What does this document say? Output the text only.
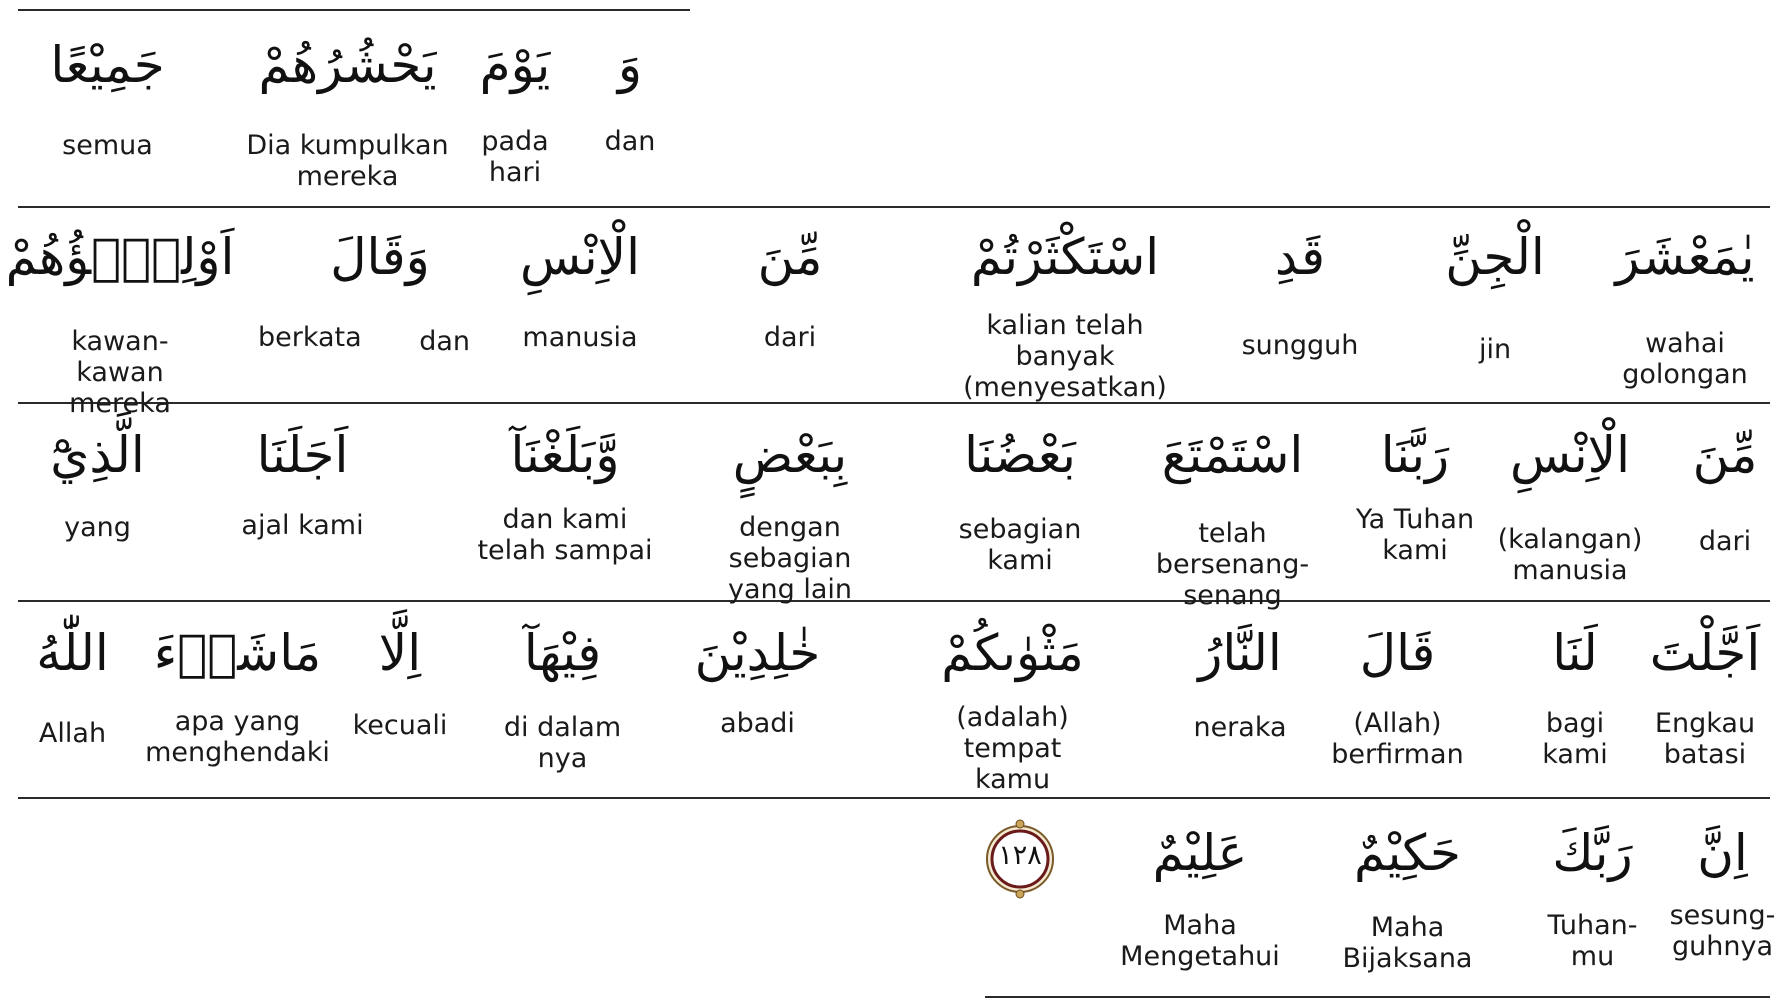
وَ
dan
يَوْمَ
pada
hari
يَحْشُرُهُمْ
Dia kumpulkan
mereka
جَمِيْعًا
semua
يٰمَعْشَرَ
wahai
golongan
الْجِنِّ
jin
قَدِ
sungguh
اسْتَكْثَرْتُمْ
kalian telah
banyak (menyesatkan)
مِّنَ
dari
الْاِنْسِ
manusia
وَقَالَ
berkata dan
اَوْلِيٰۤؤُهُمْ
kawan-kawan
mereka
مِّنَ
dari
الْاِنْسِ
(kalangan)
manusia
رَبَّنَا
Ya Tuhan
kami
اسْتَمْتَعَ
telah bersenang-
senang
بَعْضُنَا
sebagian
kami
بِبَعْضٍ
dengan sebagian
yang lain
وَّبَلَغْنَآ
dan kami
telah sampai
اَجَلَنَا
ajal kami
الَّذِيْٓ
yang
اَجَّلْتَ
Engkau
batasi
لَنَا
bagi
kami
قَالَ
(Allah)
berfirman
النَّارُ
neraka
مَثْوٰىكُمْ
(adalah) tempat
kamu
خٰلِدِيْنَ
abadi
فِيْهَآ
di dalam
nya
اِلَّا
kecuali
مَاشَاۤءَ
apa yang
menghendaki
اللّٰهُ
Allah
اِنَّ
sesung-
guhnya
رَبَّكَ
Tuhan-
mu
حَكِيْمٌ
Maha
Bijaksana
عَلِيْمٌ
Maha
Mengetahui
١٢٨
